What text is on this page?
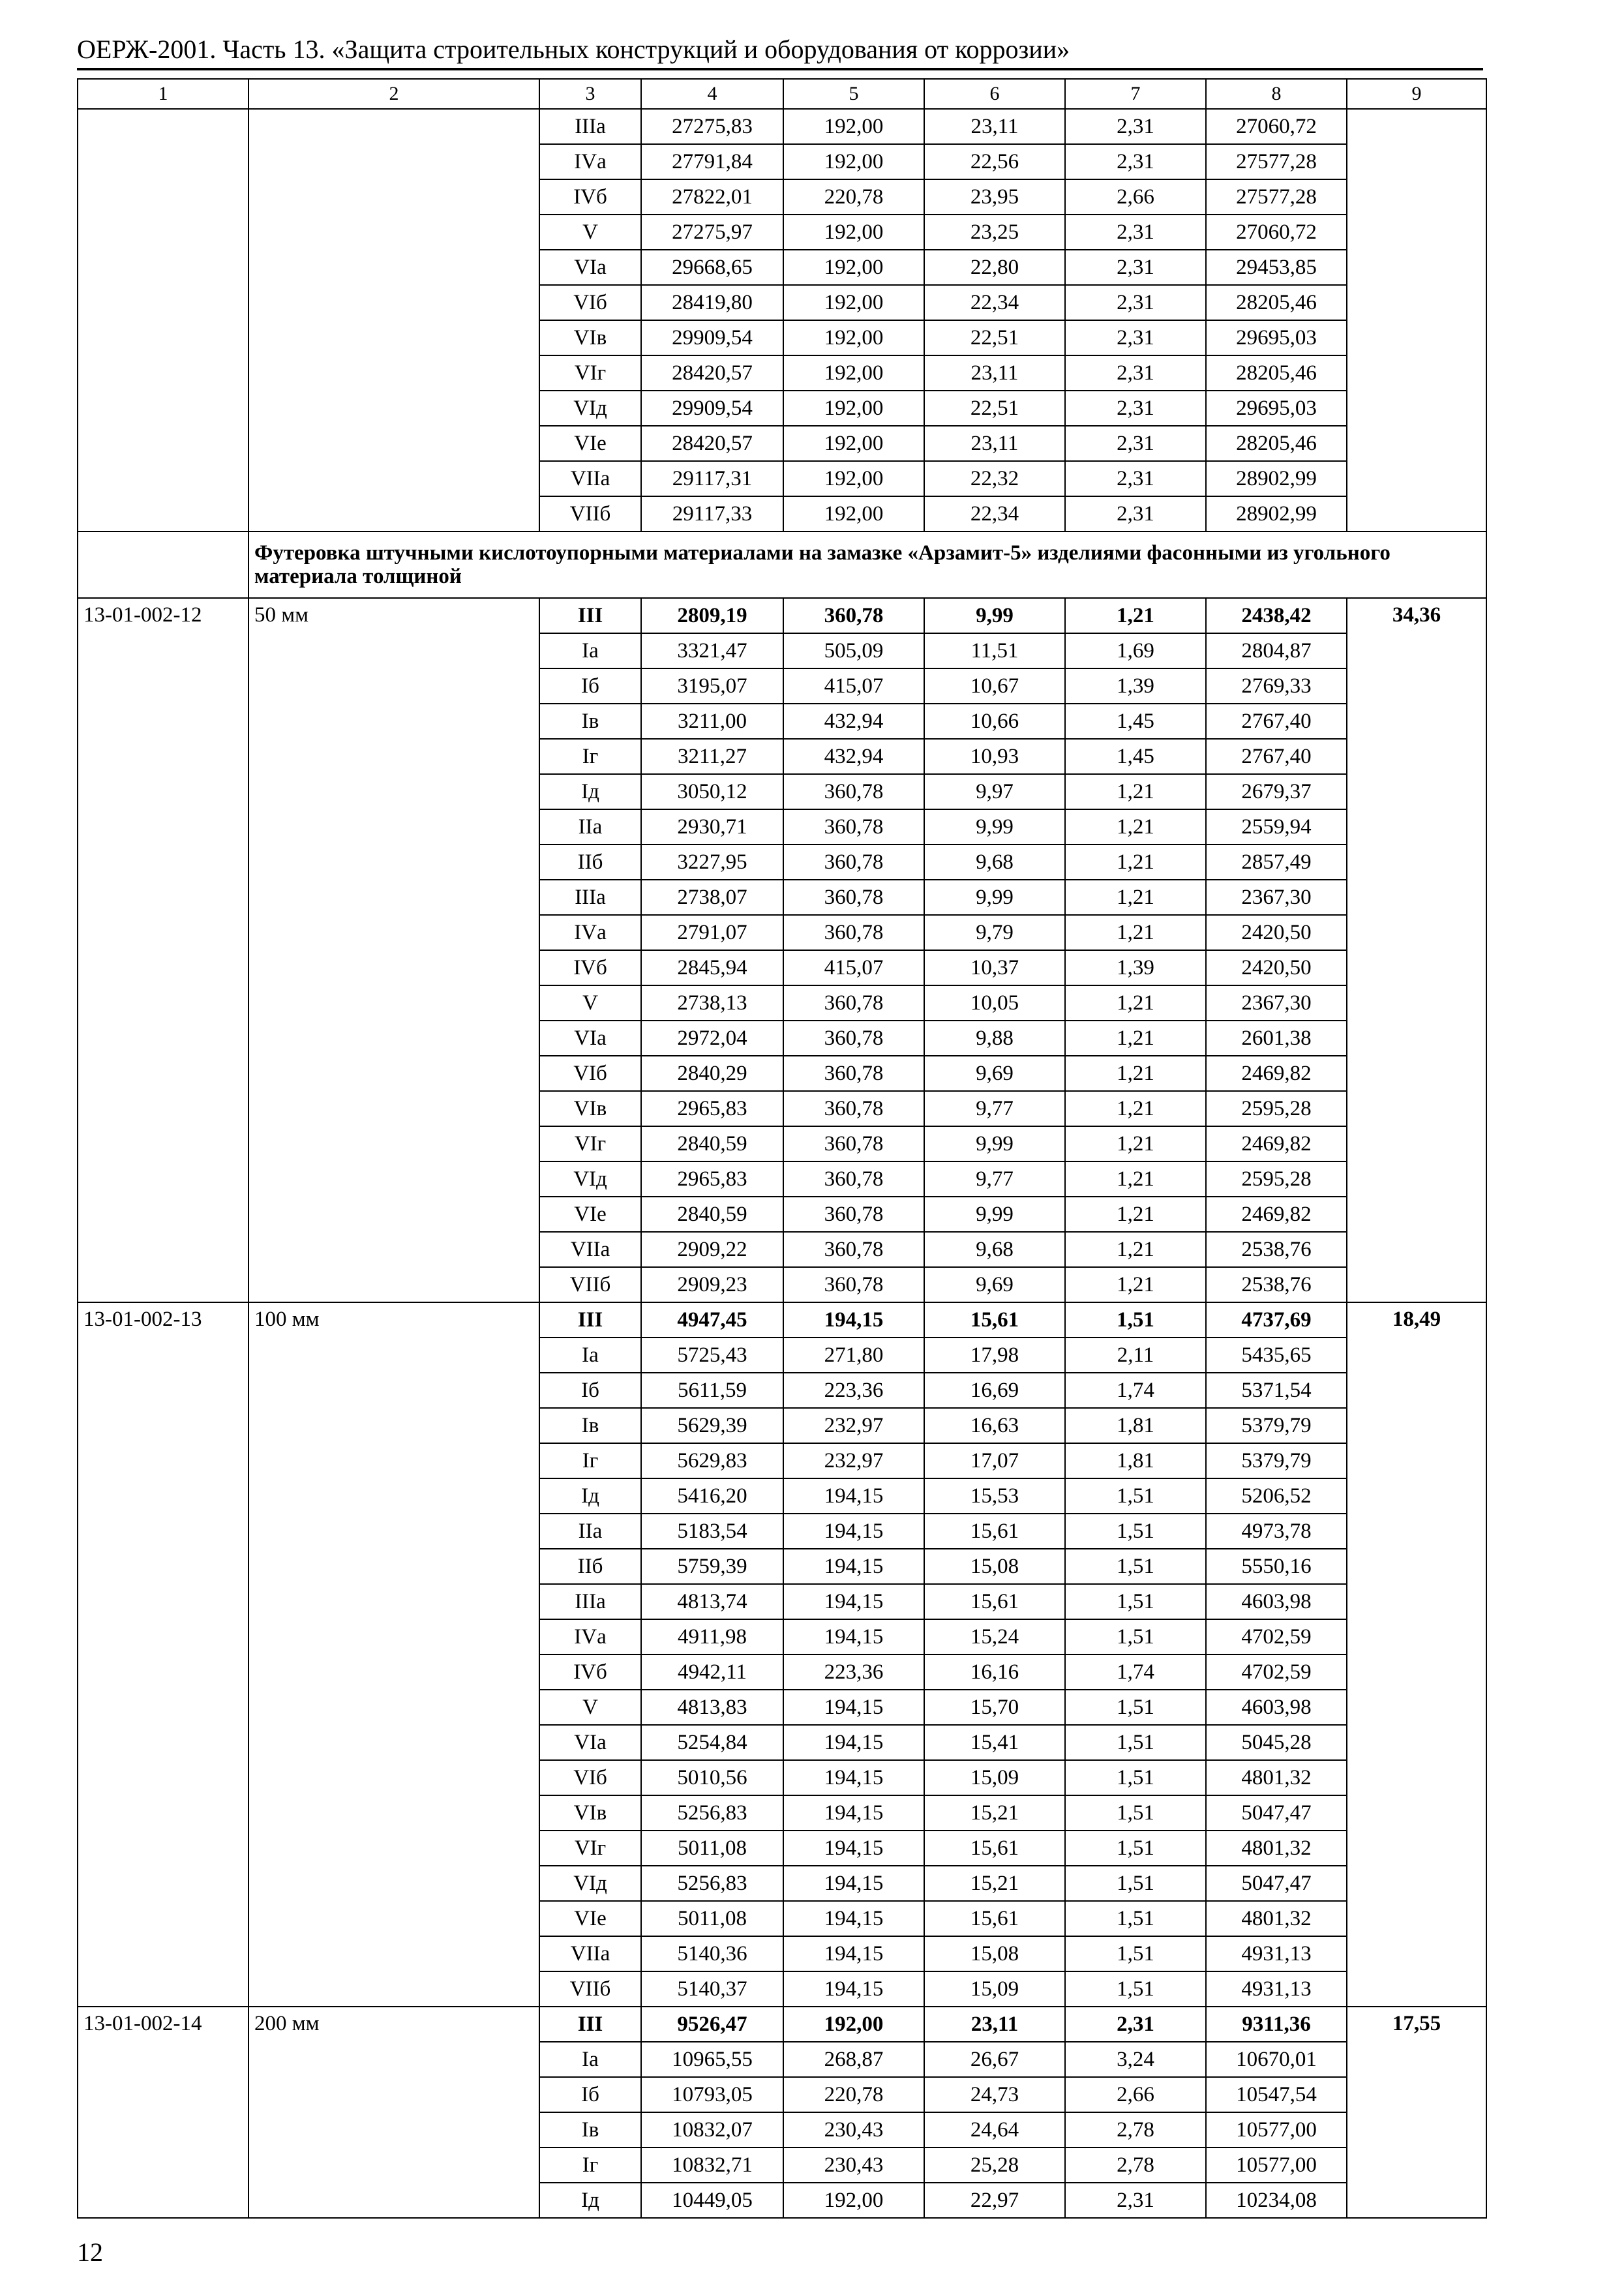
ОЕРЖ-2001. Часть 13. «Защита строительных конструкций и оборудования от коррозии»
1	2	3	4	5	6	7	8	9
		IIIа	27275,83	192,00	23,11	2,31	27060,72	
		IVа	27791,84	192,00	22,56	2,31	27577,28	
		IVб	27822,01	220,78	23,95	2,66	27577,28	
		V	27275,97	192,00	23,25	2,31	27060,72	
		VIа	29668,65	192,00	22,80	2,31	29453,85	
		VIб	28419,80	192,00	22,34	2,31	28205,46	
		VIв	29909,54	192,00	22,51	2,31	29695,03	
		VIг	28420,57	192,00	23,11	2,31	28205,46	
		VIд	29909,54	192,00	22,51	2,31	29695,03	
		VIе	28420,57	192,00	23,11	2,31	28205,46	
		VIIа	29117,31	192,00	22,32	2,31	28902,99	
		VIIб	29117,33	192,00	22,34	2,31	28902,99	
	Футеровка штучными кислотоупорными материалами на замазке «Арзамит-5» изделиями фасонными из угольного материала толщиной							
13-01-002-12	50 мм	III	2809,19	360,78	9,99	1,21	2438,42	34,36
		Iа	3321,47	505,09	11,51	1,69	2804,87	
		Iб	3195,07	415,07	10,67	1,39	2769,33	
		Iв	3211,00	432,94	10,66	1,45	2767,40	
		Iг	3211,27	432,94	10,93	1,45	2767,40	
		Iд	3050,12	360,78	9,97	1,21	2679,37	
		IIа	2930,71	360,78	9,99	1,21	2559,94	
		IIб	3227,95	360,78	9,68	1,21	2857,49	
		IIIа	2738,07	360,78	9,99	1,21	2367,30	
		IVа	2791,07	360,78	9,79	1,21	2420,50	
		IVб	2845,94	415,07	10,37	1,39	2420,50	
		V	2738,13	360,78	10,05	1,21	2367,30	
		VIа	2972,04	360,78	9,88	1,21	2601,38	
		VIб	2840,29	360,78	9,69	1,21	2469,82	
		VIв	2965,83	360,78	9,77	1,21	2595,28	
		VIг	2840,59	360,78	9,99	1,21	2469,82	
		VIд	2965,83	360,78	9,77	1,21	2595,28	
		VIе	2840,59	360,78	9,99	1,21	2469,82	
		VIIа	2909,22	360,78	9,68	1,21	2538,76	
		VIIб	2909,23	360,78	9,69	1,21	2538,76	
13-01-002-13	100 мм	III	4947,45	194,15	15,61	1,51	4737,69	18,49
		Iа	5725,43	271,80	17,98	2,11	5435,65	
		Iб	5611,59	223,36	16,69	1,74	5371,54	
		Iв	5629,39	232,97	16,63	1,81	5379,79	
		Iг	5629,83	232,97	17,07	1,81	5379,79	
		Iд	5416,20	194,15	15,53	1,51	5206,52	
		IIа	5183,54	194,15	15,61	1,51	4973,78	
		IIб	5759,39	194,15	15,08	1,51	5550,16	
		IIIа	4813,74	194,15	15,61	1,51	4603,98	
		IVа	4911,98	194,15	15,24	1,51	4702,59	
		IVб	4942,11	223,36	16,16	1,74	4702,59	
		V	4813,83	194,15	15,70	1,51	4603,98	
		VIа	5254,84	194,15	15,41	1,51	5045,28	
		VIб	5010,56	194,15	15,09	1,51	4801,32	
		VIв	5256,83	194,15	15,21	1,51	5047,47	
		VIг	5011,08	194,15	15,61	1,51	4801,32	
		VIд	5256,83	194,15	15,21	1,51	5047,47	
		VIе	5011,08	194,15	15,61	1,51	4801,32	
		VIIа	5140,36	194,15	15,08	1,51	4931,13	
		VIIб	5140,37	194,15	15,09	1,51	4931,13	
13-01-002-14	200 мм	III	9526,47	192,00	23,11	2,31	9311,36	17,55
		Iа	10965,55	268,87	26,67	3,24	10670,01	
		Iб	10793,05	220,78	24,73	2,66	10547,54	
		Iв	10832,07	230,43	24,64	2,78	10577,00	
		Iг	10832,71	230,43	25,28	2,78	10577,00	
		Iд	10449,05	192,00	22,97	2,31	10234,08	
12
